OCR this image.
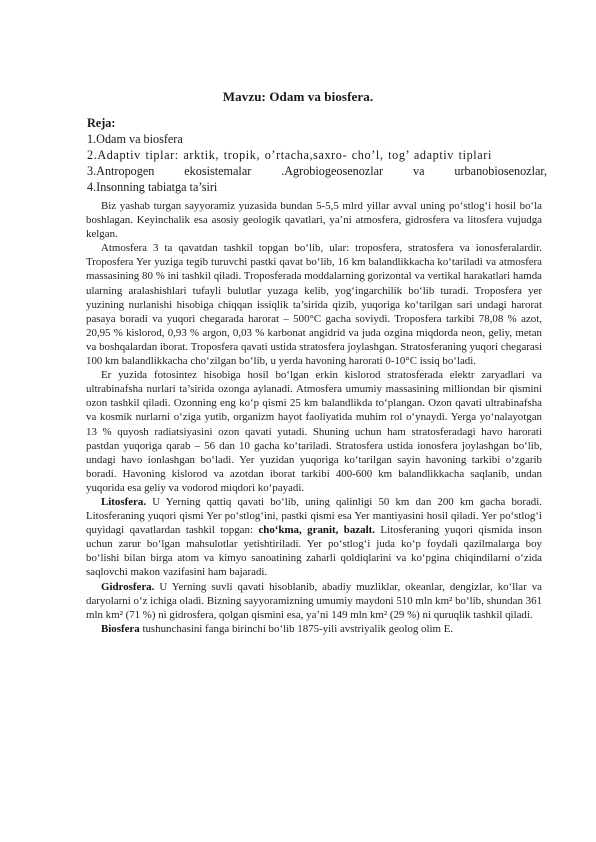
Mavzu: Odam va biosfera.
Reja:
1.Odam va biosfera
2.Adaptiv tiplar: arktik, tropik, o’rtacha,saxro- cho’l, tog’ adaptiv tiplari
3.Antropogen ekosistemalar .Agrobiogeosenozlar va urbanobiosenozlar,
4.Insonning tabiatga ta’siri

Biz yashab turgan sayyoramiz yuzasida bundan 5-5,5 mlrd yillar avval uning po‘stlog‘i hosil bo‘la boshlagan. Keyinchalik esa asosiy geologik qavatlari, ya’ni atmosfera, gidrosfera va litosfera vujudga kelgan.

Atmosfera 3 ta qavatdan tashkil topgan bo‘lib, ular: troposfera, stratosfera va ionosferalardir. Troposfera Yer yuziga tegib turuvchi pastki qavat bo‘lib, 16 km balandlikkacha ko‘tariladi va atmosfera massasining 80 % ini tashkil qiladi. Troposferada moddalarning gorizontal va vertikal harakatlari hamda ularning aralashishlari tufayli bulutlar yuzaga kelib, yog‘ingarchilik bo‘lib turadi. Troposfera yer yuzining nurlanishi hisobiga chiqqan issiqlik ta’sirida qizib, yuqoriga ko‘tarilgan sari undagi harorat pasaya boradi va yuqori chegarada harorat – 500°C gacha soviydi. Troposfera tarkibi 78,08 % azot, 20,95 % kislorod, 0,93 % argon, 0,03 % karbonat angidrid va juda ozgina miqdorda neon, geliy, metan va boshqalardan iborat. Troposfera qavati ustida stratosfera joylashgan. Stratosferaning yuqori chegarasi 100 km balandlikkacha cho‘zilgan bo‘lib, u yerda havoning harorati 0-10°C issiq bo‘ladi.

Er yuzida fotosintez hisobiga hosil bo‘lgan erkin kislorod stratosferada elektr zaryadlari va ultrabinafsha nurlari ta’sirida ozonga aylanadi. Atmosfera umumiy massasining milliondan bir qismini ozon tashkil qiladi. Ozonning eng ko‘p qismi 25 km balandlikda to‘plangan. Ozon qavati ultrabinafsha va kosmik nurlarni o‘ziga yutib, organizm hayot faoliyatida muhim rol o‘ynaydi. Yerga yo‘nalayotgan 13 % quyosh radiatsiyasini ozon qavati yutadi. Shuning uchun ham stratosferadagi havo harorati pastdan yuqoriga qarab – 56 dan 10 gacha ko‘tariladi. Stratosfera ustida ionosfera joylashgan bo‘lib, undagi havo ionlashgan bo‘ladi. Yer yuzidan yuqoriga ko‘tarilgan sayin havoning tarkibi o‘zgarib boradi. Havoning kislorod va azotdan iborat tarkibi 400-600 km balandlikkacha saqlanib, undan yuqorida esa geliy va vodorod miqdori ko‘payadi.

Litosfera. U Yerning qattiq qavati bo‘lib, uning qalinligi 50 km dan 200 km gacha boradi. Litosferaning yuqori qismi Yer po‘stlog‘ini, pastki qismi esa Yer mantiyasini hosil qiladi. Yer po‘stlog‘i quyidagi qavatlardan tashkil topgan: cho‘kma, granit, bazalt. Litosferaning yuqori qismida inson uchun zarur bo‘lgan mahsulotlar yetishtiriladi. Yer po‘stlog‘i juda ko‘p foydali qazilmalarga boy bo‘lishi bilan birga atom va kimyo sanoatining zaharli qoldiqlarini va ko‘pgina chiqindilarni o‘zida saqlovchi makon vazifasini ham bajaradi.

Gidrosfera. U Yerning suvli qavati hisoblanib, abadiy muzliklar, okeanlar, dengizlar, ko‘llar va daryolarni o‘z ichiga oladi. Bizning sayyoramizning umumiy maydoni 510 mln km² bo‘lib, shundan 361 mln km² (71 %) ni gidrosfera, qolgan qismini esa, ya’ni 149 mln km² (29 %) ni quruqlik tashkil qiladi.

Biosfera tushunchasini fanga birinchi bo‘lib 1875-yili avstriyalik geolog olim E.
